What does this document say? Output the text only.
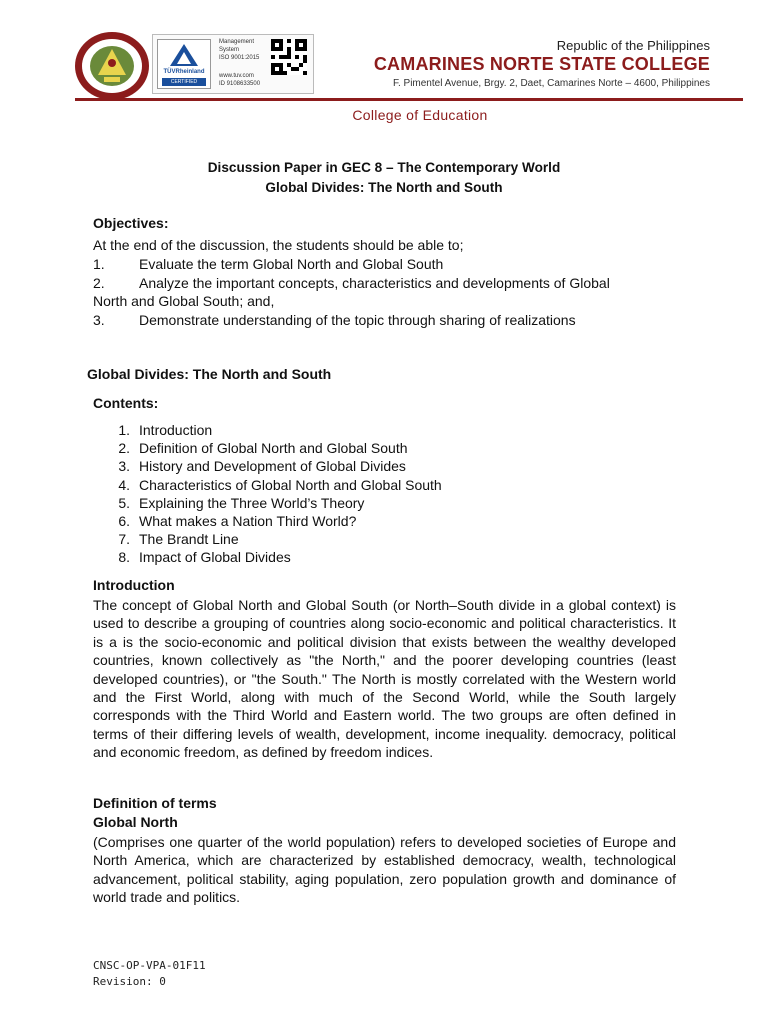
TÜVRheinland
CERTIFIED
Management
System
ISO 9001:2015
www.tuv.com
ID 9108633500
Republic of the Philippines
CAMARINES NORTE STATE COLLEGE
F. Pimentel Avenue, Brgy. 2, Daet, Camarines Norte – 4600, Philippines
College of Education
Discussion Paper in GEC 8 – The Contemporary World
Global Divides: The North and South
Objectives:
At the end of the discussion, the students should be able to;
1.	Evaluate the term Global North and Global South
2.	Analyze the important concepts, characteristics and developments of Global
North and Global South; and,
3.	Demonstrate understanding of the topic through sharing of realizations
Global Divides: The North and South
Contents:
1. Introduction
2. Definition of Global North and Global South
3. History and Development of Global Divides
4. Characteristics of Global North and Global South
5. Explaining the Three World’s Theory
6. What makes a Nation Third World?
7. The Brandt Line
8. Impact of Global Divides
Introduction
The concept of Global North and Global South (or North–South divide in a global context) is used to describe a grouping of countries along socio-economic and political characteristics. It is a is the socio-economic and political division that exists between the wealthy developed countries, known collectively as "the North," and the poorer developing countries (least developed countries), or "the South." The North is mostly correlated with the Western world and the First World, along with much of the Second World, while the South largely corresponds with the Third World and Eastern world. The two groups are often defined in terms of their differing levels of wealth, development, income inequality. democracy, political and economic freedom, as defined by freedom indices.
Definition of terms
Global North
(Comprises one quarter of the world population) refers to developed societies of Europe and North America, which are characterized by established democracy, wealth, technological advancement, political stability, aging population, zero population growth and dominance of world trade and politics.
CNSC-OP-VPA-01F11
Revision: 0
